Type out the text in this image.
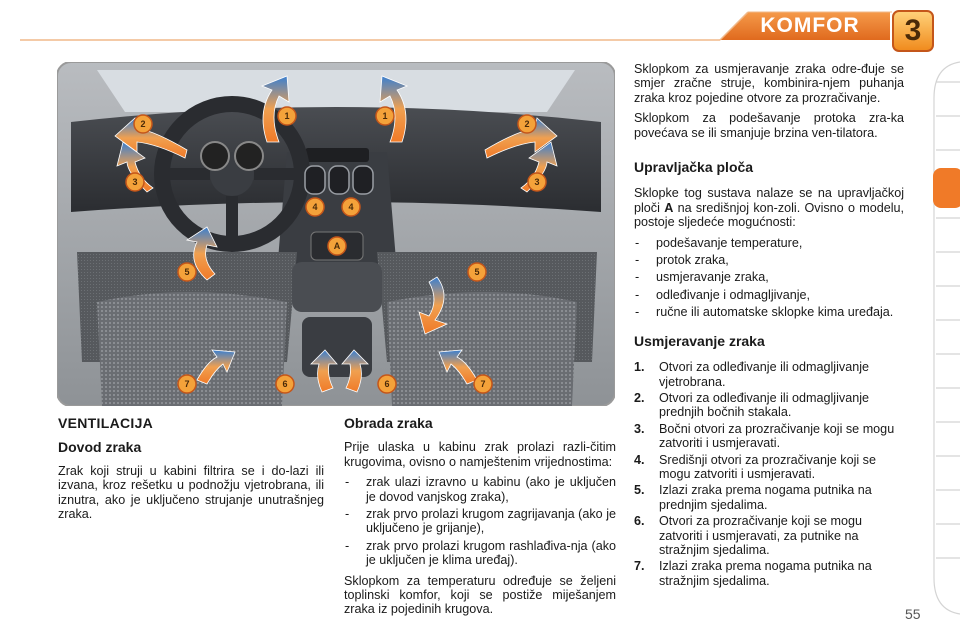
KOMFOR	3
1	1
2	2
3	3
4	4
5	5
6	6
7	7
A
VENTILACIJA
Dovod zraka

Zrak koji struji u kabini filtrira se i do-lazi ili izvana, kroz rešetku u podnožju vjetrobrana, ili iznutra, ako je uključeno strujanje unutrašnjeg zraka.

Obrada zraka

Prije ulaska u kabinu zrak prolazi razli-čitim krugovima, ovisno o namještenim vrijednostima:

- zrak ulazi izravno u kabinu (ako je uključen je dovod vanjskog zraka),
- zrak prvo prolazi krugom zagrijavanja (ako je uključeno je grijanje),
- zrak prvo prolazi krugom rashlađiva-nja (ako je uključen je klima uređaj).

Sklopkom za temperaturu određuje se željeni toplinski komfor, koji se postiže miješanjem zraka iz pojedinih krugova.

Sklopkom za usmjeravanje zraka odre-đuje se smjer zračne struje, kombinira-njem puhanja zraka kroz pojedine otvore za prozračivanje.

Sklopkom za podešavanje protoka zra-ka povećava se ili smanjuje brzina ven-tilatora.

Upravljačka ploča

Sklopke tog sustava nalaze se na upravljačkoj ploči A na središnjoj kon-zoli. Ovisno o modelu, postoje sljedeće mogućnosti:

- podešavanje temperature,
- protok zraka,
- usmjeravanje zraka,
- odleđivanje i odmagljivanje,
- ručne ili automatske sklopke kima uređaja.
Usmjeravanje zraka
1. Otvori za odleđivanje ili odmagljivanje vjetrobrana.
2. Otvori za odleđivanje ili odmagljivanje prednjih bočnih stakala.
3. Bočni otvori za prozračivanje koji se mogu zatvoriti i usmjeravati.
4. Središnji otvori za prozračivanje koji se mogu zatvoriti i usmjeravati.
5. Izlazi zraka prema nogama putnika na prednjim sjedalima.
6. Otvori za prozračivanje koji se mogu zatvoriti i usmjeravati, za putnike na stražnjim sjedalima.
7. Izlazi zraka prema nogama putnika na stražnjim sjedalima.
55
